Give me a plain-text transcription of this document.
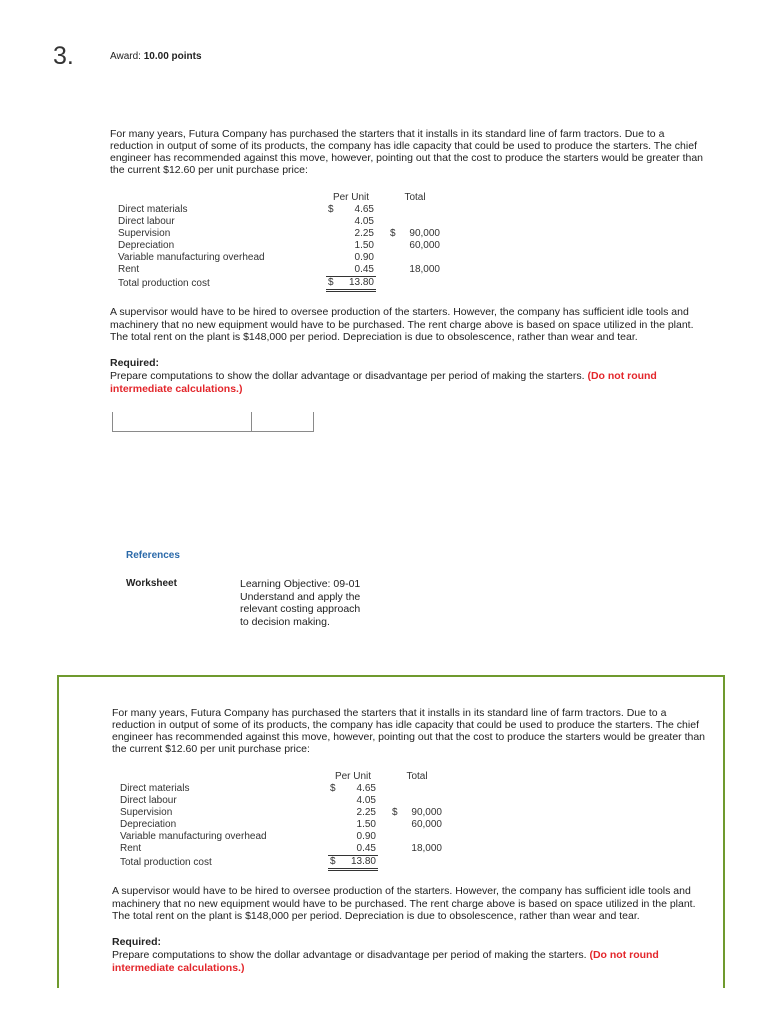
3.	Award: 10.00 points
For many years, Futura Company has purchased the starters that it installs in its standard line of farm tractors. Due to a
reduction in output of some of its products, the company has idle capacity that could be used to produce the starters. The chief
engineer has recommended against this move, however, pointing out that the cost to produce the starters would be greater than
the current $12.60 per unit purchase price:
	Per Unit			Total	
Direct materials	$	4.65			
Direct labour		4.05			
Supervision		2.25		$	90,000
Depreciation		1.50			60,000
Variable manufacturing overhead		0.90			
Rent		0.45			18,000
Total production cost	$	13.80			
A supervisor would have to be hired to oversee production of the starters. However, the company has sufficient idle tools and
machinery that no new equipment would have to be purchased. The rent charge above is based on space utilized in the plant.
The total rent on the plant is $148,000 per period. Depreciation is due to obsolescence, rather than wear and tear.
Required:
Prepare computations to show the dollar advantage or disadvantage per period of making the starters. (Do not round
intermediate calculations.)
References
Worksheet	Learning Objective: 09-01
Understand and apply the
relevant costing approach
to decision making.
For many years, Futura Company has purchased the starters that it installs in its standard line of farm tractors. Due to a
reduction in output of some of its products, the company has idle capacity that could be used to produce the starters. The chief
engineer has recommended against this move, however, pointing out that the cost to produce the starters would be greater than
the current $12.60 per unit purchase price:
	Per Unit			Total	
Direct materials	$	4.65			
Direct labour		4.05			
Supervision		2.25		$	90,000
Depreciation		1.50			60,000
Variable manufacturing overhead		0.90			
Rent		0.45			18,000
Total production cost	$	13.80			
A supervisor would have to be hired to oversee production of the starters. However, the company has sufficient idle tools and
machinery that no new equipment would have to be purchased. The rent charge above is based on space utilized in the plant.
The total rent on the plant is $148,000 per period. Depreciation is due to obsolescence, rather than wear and tear.
Required:
Prepare computations to show the dollar advantage or disadvantage per period of making the starters. (Do not round
intermediate calculations.)
